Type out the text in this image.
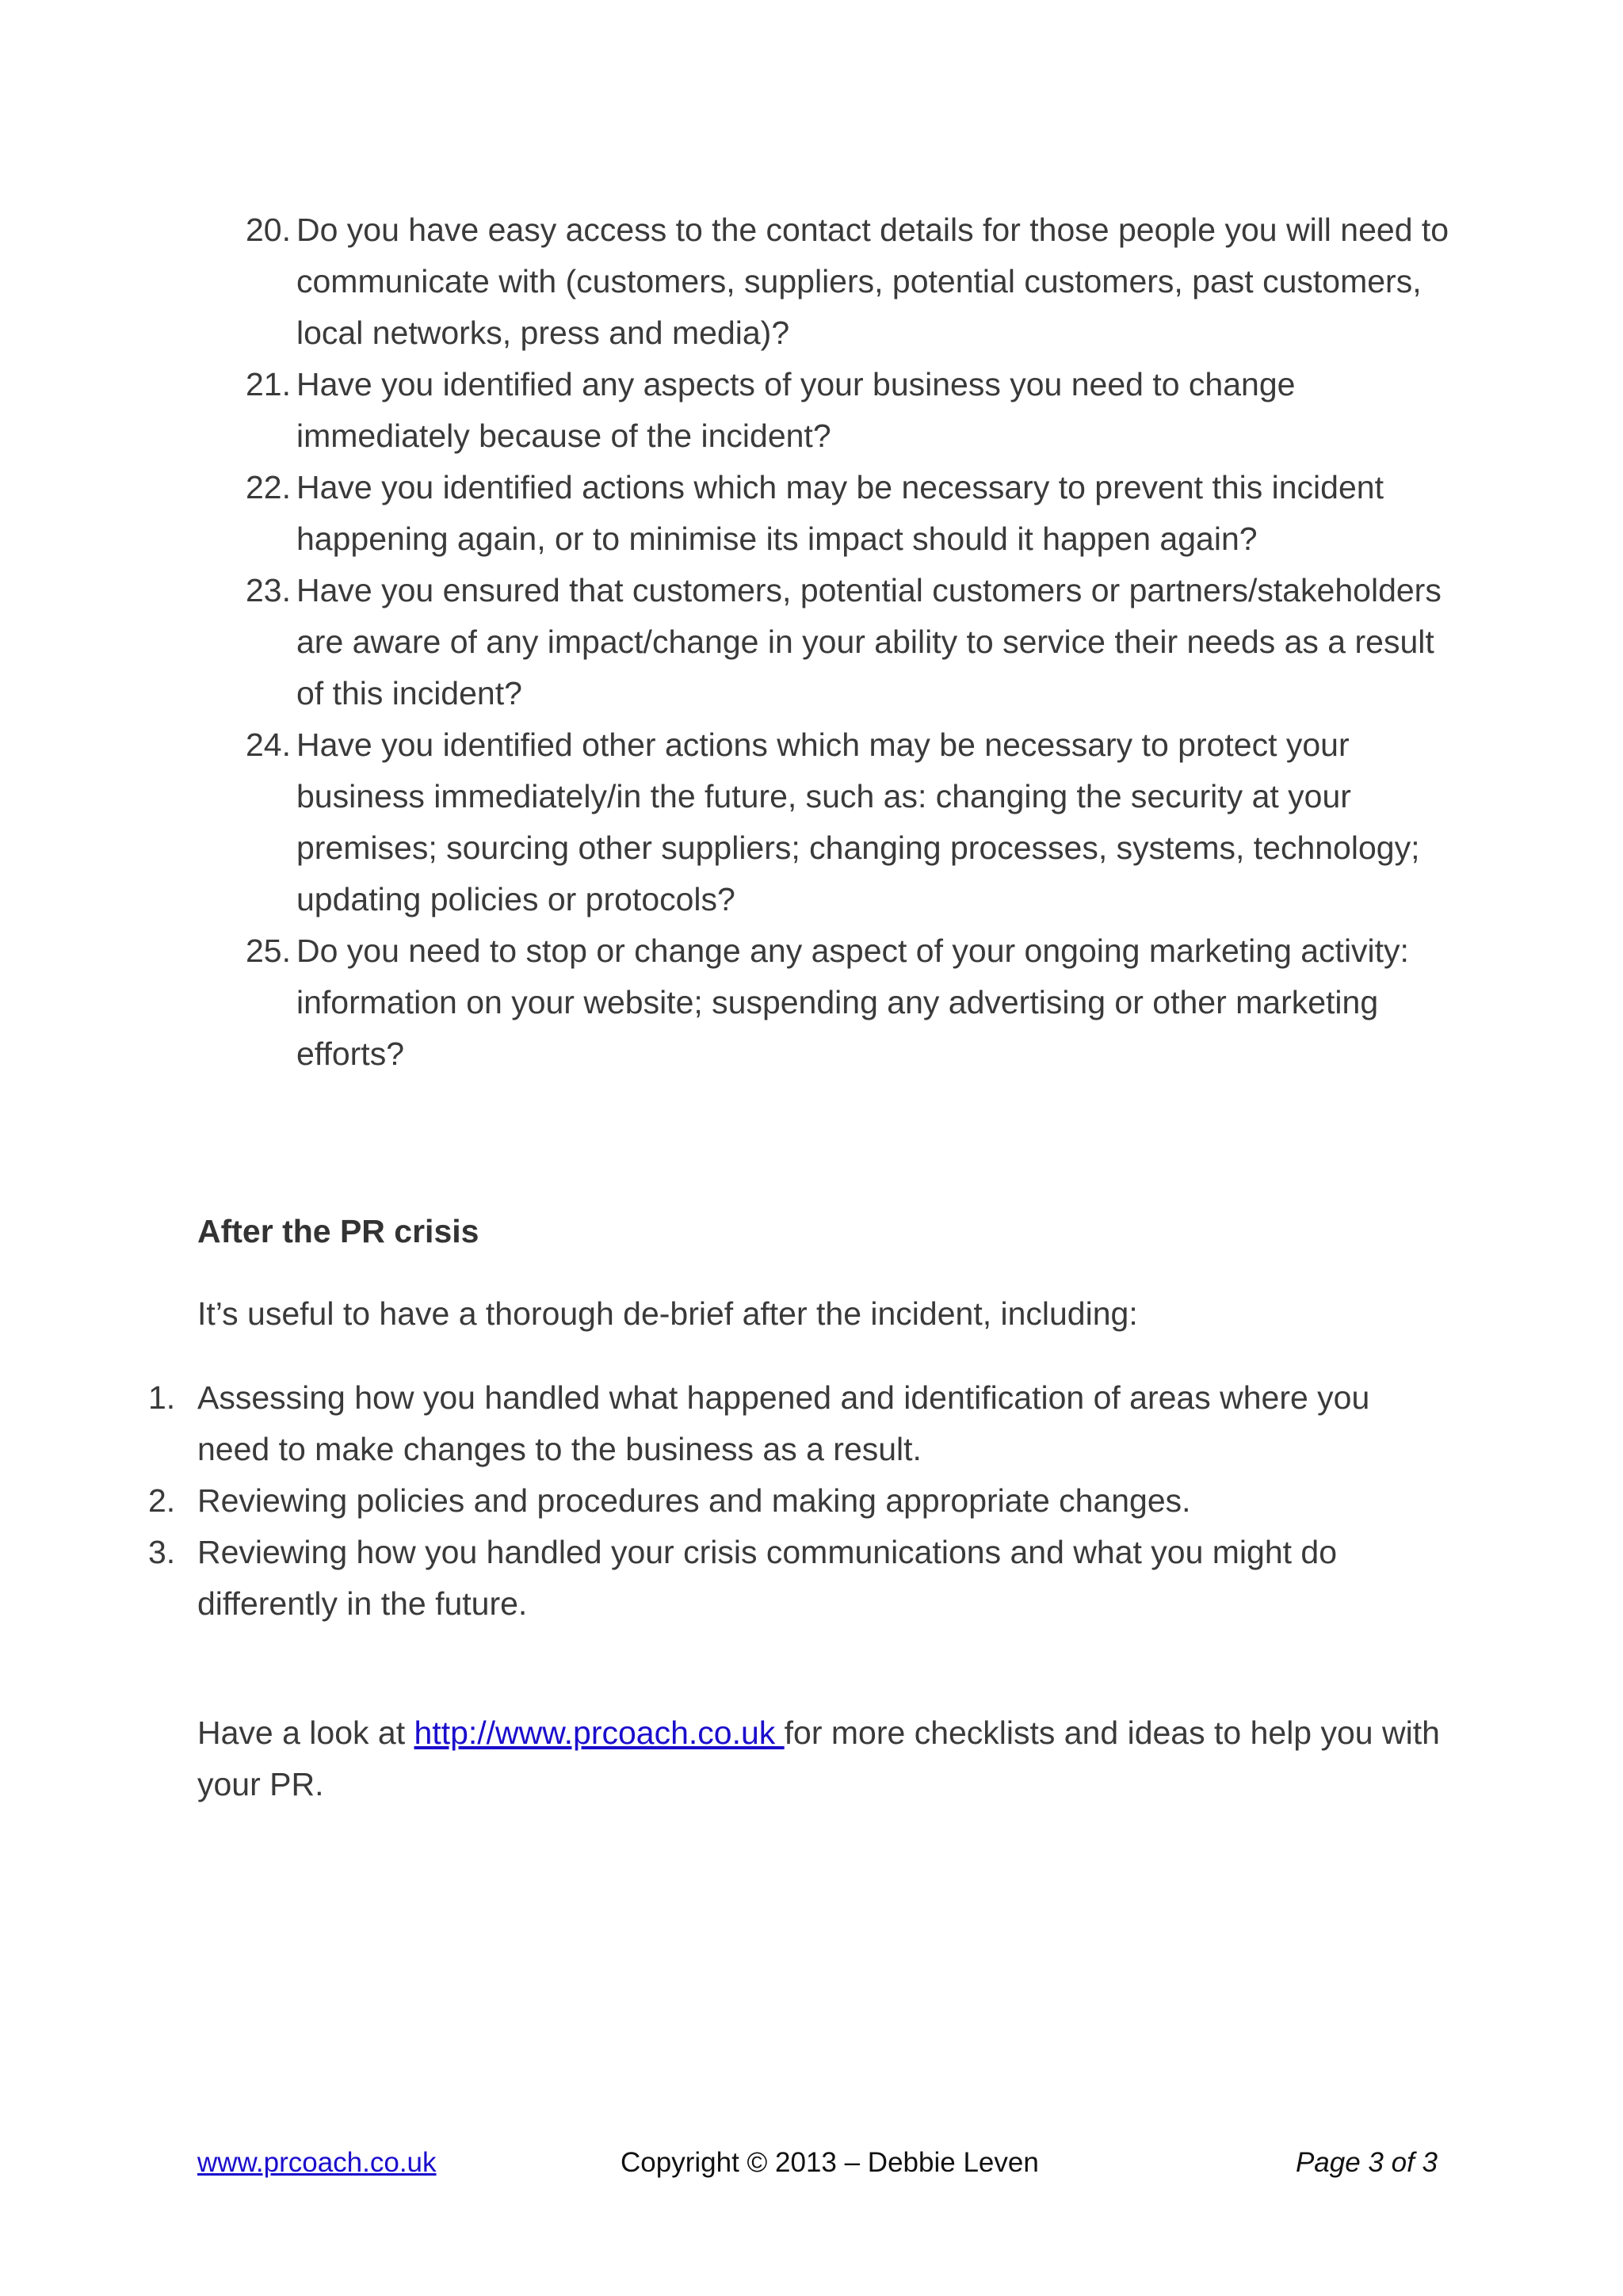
20. Do you have easy access to the contact details for those people you will need to communicate with (customers, suppliers, potential customers, past customers, local networks, press and media)?
21. Have you identified any aspects of your business you need to change immediately because of the incident?
22. Have you identified actions which may be necessary to prevent this incident happening again, or to minimise its impact should it happen again?
23. Have you ensured that customers, potential customers or partners/stakeholders are aware of any impact/change in your ability to service their needs as a result of this incident?
24. Have you identified other actions which may be necessary to protect your business immediately/in the future, such as: changing the security at your premises; sourcing other suppliers; changing processes, systems, technology; updating policies or protocols?
25. Do you need to stop or change any aspect of your ongoing marketing activity: information on your website; suspending any advertising or other marketing efforts?
After the PR crisis
It’s useful to have a thorough de-brief after the incident, including:
1. Assessing how you handled what happened and identification of areas where you need to make changes to the business as a result.
2. Reviewing policies and procedures and making appropriate changes.
3. Reviewing how you handled your crisis communications and what you might do differently in the future.
Have a look at http://www.prcoach.co.uk for more checklists and ideas to help you with your PR.
www.prcoach.co.uk	Copyright © 2013 – Debbie Leven	Page 3 of 3
